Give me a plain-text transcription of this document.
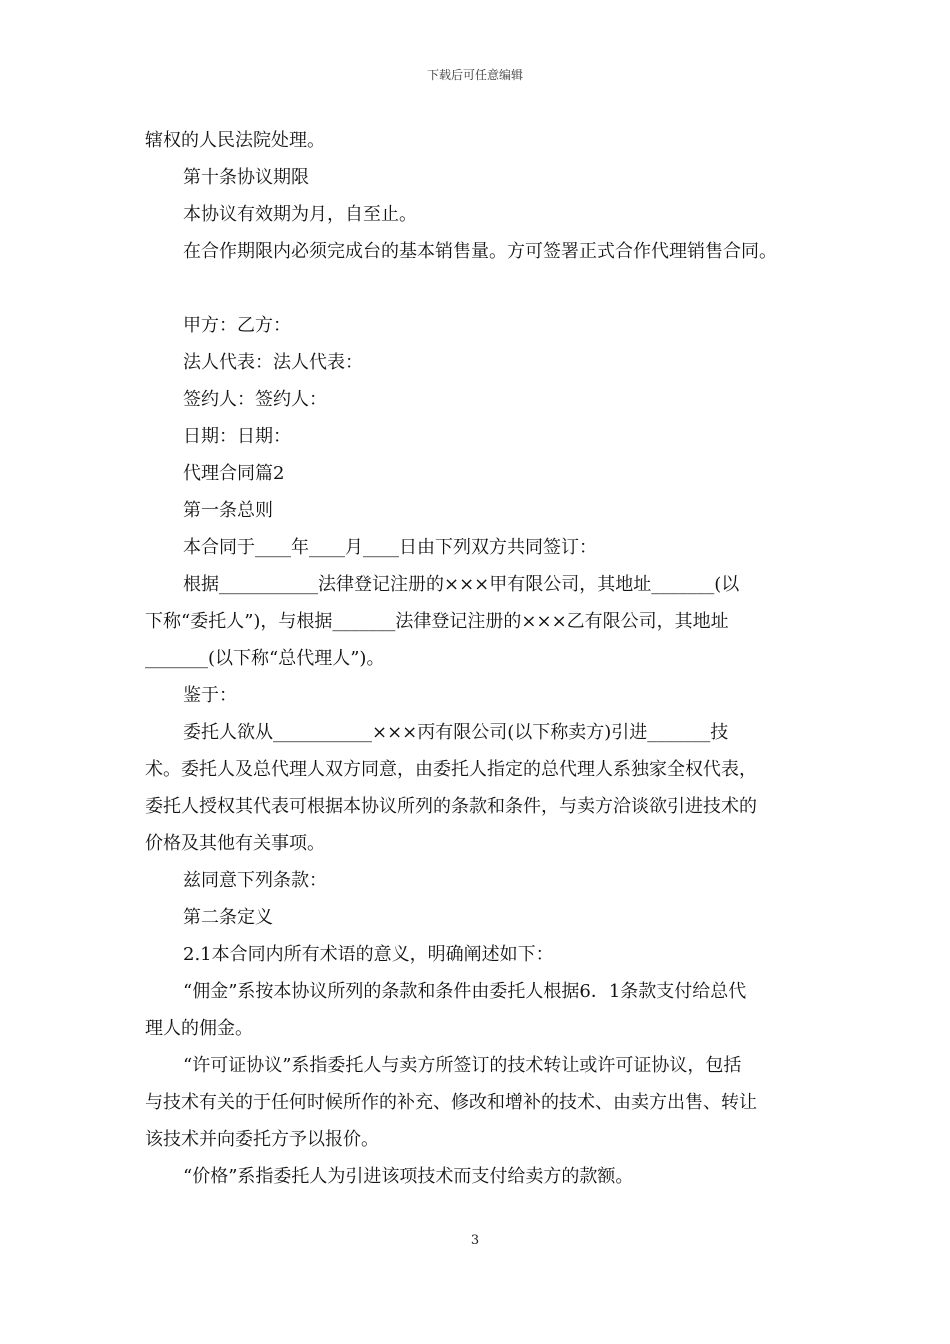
下载后可任意编辑

辖权的人民法院处理。

第十条协议期限

本协议有效期为月，自至止。

在合作期限内必须完成台的基本销售量。方可签署正式合作代理销售合同。

甲方：乙方：

法人代表：法人代表：

签约人：签约人：

日期：日期：

代理合同篇2

第一条总则

本合同于____年____月____日由下列双方共同签订：

根据___________法律登记注册的×××甲有限公司，其地址_______(以

下称“委托人”)，与根据_______法律登记注册的×××乙有限公司，其地址

_______(以下称“总代理人”)。

鉴于：

委托人欲从___________×××丙有限公司(以下称卖方)引进_______技

术。委托人及总代理人双方同意，由委托人指定的总代理人系独家全权代表，

委托人授权其代表可根据本协议所列的条款和条件，与卖方洽谈欲引进技术的

价格及其他有关事项。

兹同意下列条款：

第二条定义

2.1本合同内所有术语的意义，明确阐述如下：

“佣金”系按本协议所列的条款和条件由委托人根据6．1条款支付给总代

理人的佣金。

“许可证协议”系指委托人与卖方所签订的技术转让或许可证协议，包括

与技术有关的于任何时候所作的补充、修改和增补的技术、由卖方出售、转让

该技术并向委托方予以报价。

“价格”系指委托人为引进该项技术而支付给卖方的款额。

3
